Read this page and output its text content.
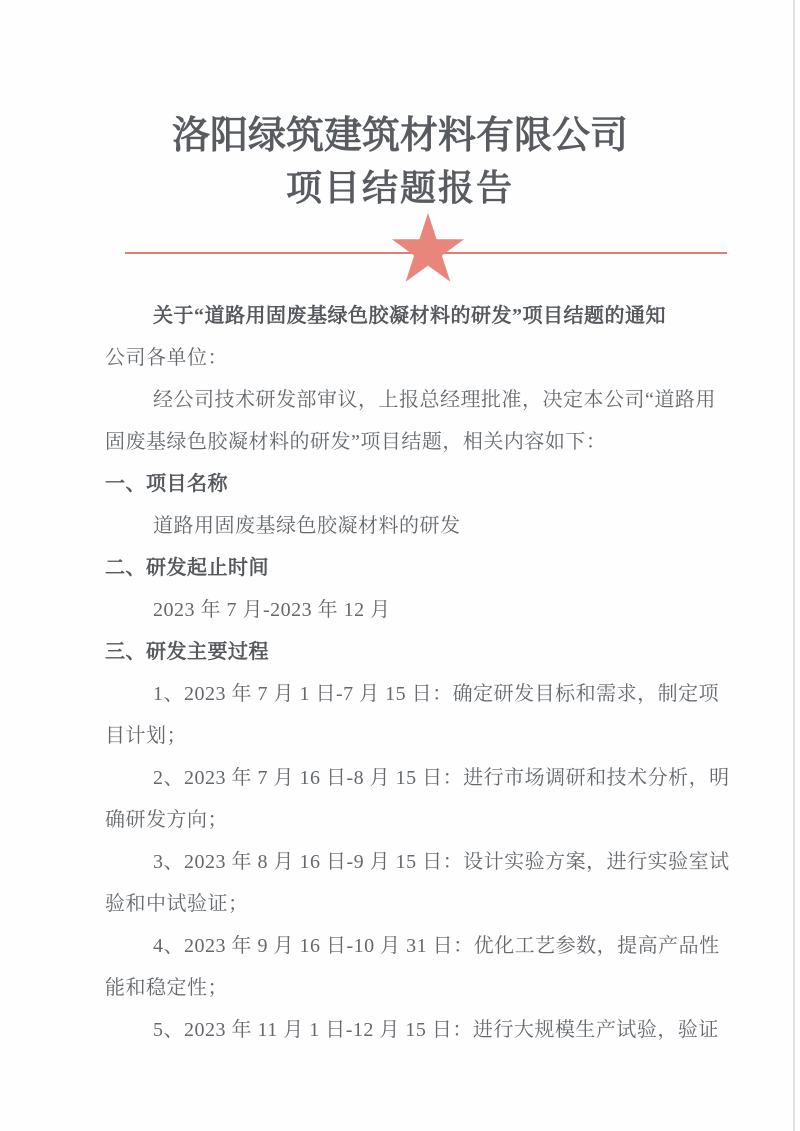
洛阳绿筑建筑材料有限公司
项目结题报告
关于“道路用固废基绿色胶凝材料的研发”项目结题的通知
公司各单位：
经公司技术研发部审议，上报总经理批准，决定本公司“道路用
固废基绿色胶凝材料的研发”项目结题，相关内容如下：
一、项目名称
道路用固废基绿色胶凝材料的研发
二、研发起止时间
2023 年 7 月-2023 年 12 月
三、研发主要过程
1、2023 年 7 月 1 日-7 月 15 日：确定研发目标和需求，制定项
目计划；
2、2023 年 7 月 16 日-8 月 15 日：进行市场调研和技术分析，明
确研发方向；
3、2023 年 8 月 16 日-9 月 15 日：设计实验方案，进行实验室试
验和中试验证；
4、2023 年 9 月 16 日-10 月 31 日：优化工艺参数，提高产品性
能和稳定性；
5、2023 年 11 月 1 日-12 月 15 日：进行大规模生产试验，验证
